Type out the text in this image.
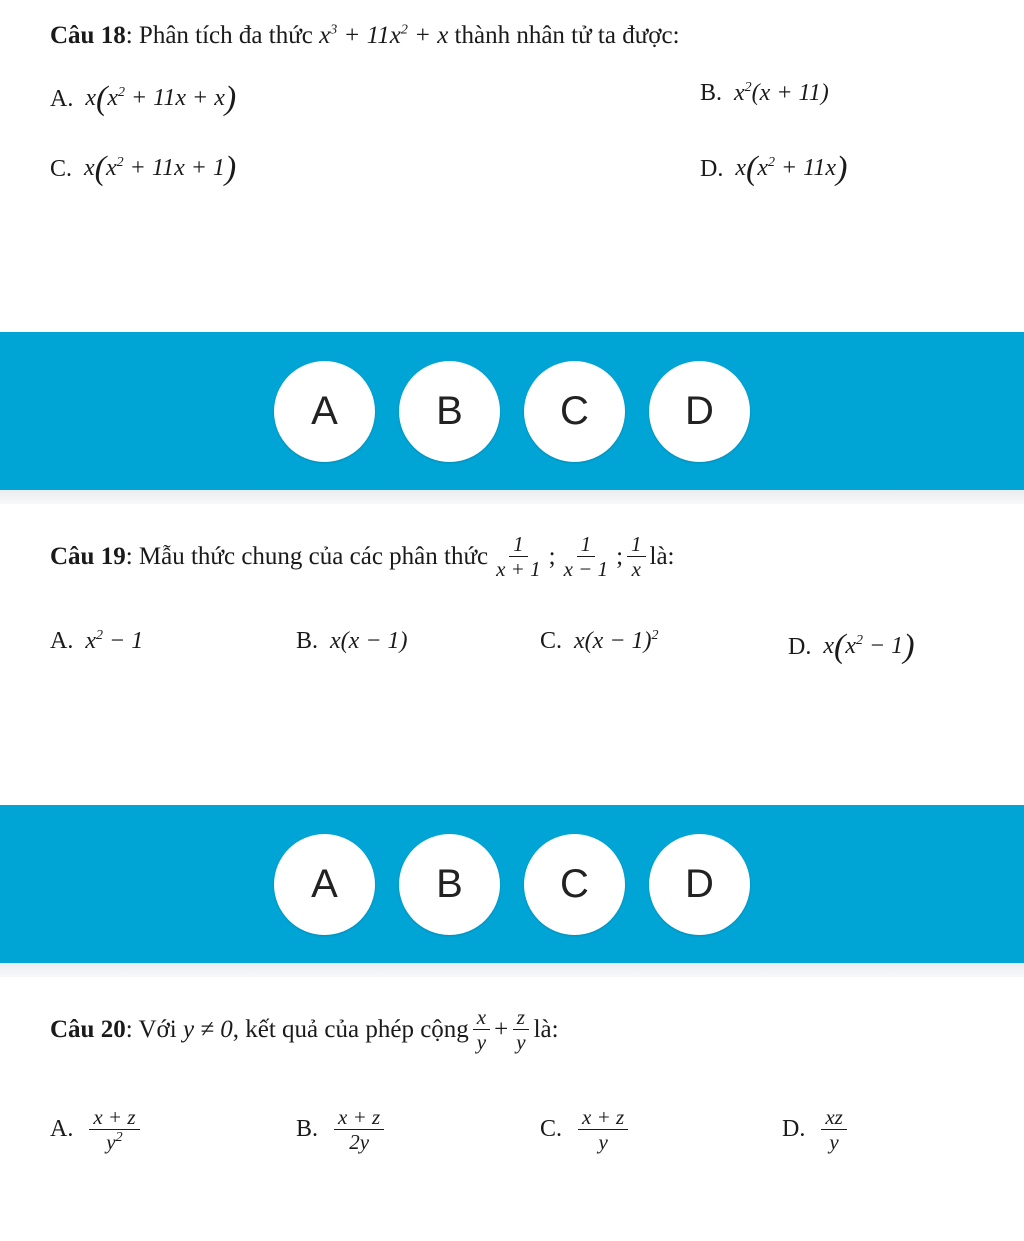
Câu 18: Phân tích đa thức $x^3 + 11x^2 + x$ thành nhân tử ta được:
A. $x(x^2 + 11x + x)$	B. $x^2(x + 11)$
C. $x(x^2 + 11x + 1)$	D. $x(x^2 + 11x)$
A	B	C	D
Câu 19 : Mẫu thức chung của các phân thức $\frac{1}{x + 1}$ ; $\frac{1}{x - 1}$ ; $\frac{1}{x}$ là:
A. $x^2 - 1$	B. x(x − 1)	C. $x(x - 1)^2$	D. $x(x^2 - 1)$
A	B	C	D
Câu 20 : Với y ≠ 0 , kết quả của phép cộng $\frac{x}{y} + \frac{z}{y}$ là:
A. $\frac{x + z}{y^2}$	B. $\frac{x + z}{2y}$	C. $\frac{x + z}{y}$	D. $\frac{xz}{y}$
